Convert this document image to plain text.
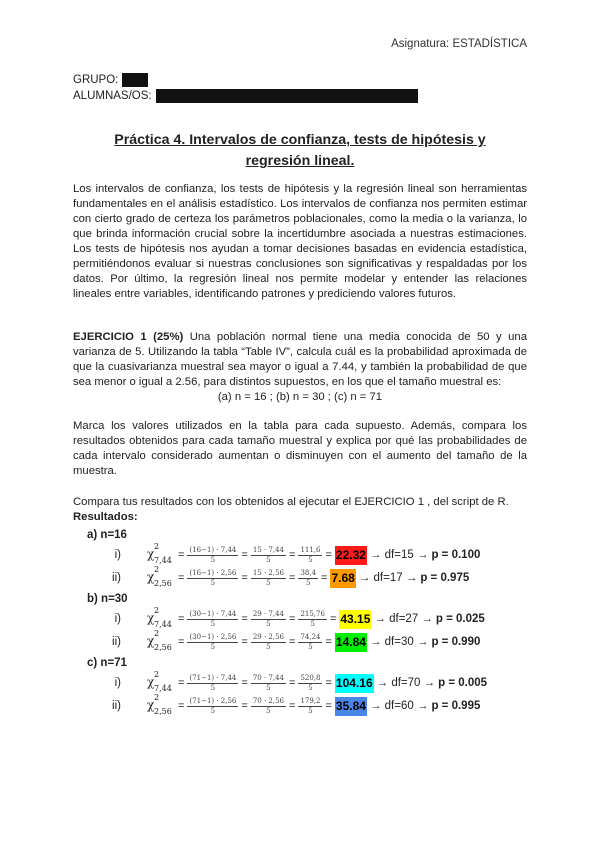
Asignatura: ESTADÍSTICA
GRUPO:
ALUMNAS/OS:
Práctica 4. Intervalos de confianza, tests de hipótesis y
regresión lineal.
Los intervalos de confianza, los tests de hipótesis y la regresión lineal son herramientas fundamentales en el análisis estadístico. Los intervalos de confianza nos permiten estimar con cierto grado de certeza los parámetros poblacionales, como la media o la varianza, lo que brinda información crucial sobre la incertidumbre asociada a nuestras estimaciones. Los tests de hipótesis nos ayudan a tomar decisiones basadas en evidencia estadística, permitiéndonos evaluar si nuestras conclusiones son significativas y respaldadas por los datos. Por último, la regresión lineal nos permite modelar y entender las relaciones lineales entre variables, identificando patrones y prediciendo valores futuros.
EJERCICIO 1 (25%) Una población normal tiene una media conocida de 50 y una varianza de 5. Utilizando la tabla “Table IV”, calcula cuál es la probabilidad aproximada de que la cuasivarianza muestral sea mayor o igual a 7.44, y también la probabilidad de que sea menor o igual a 2.56, para distintos supuestos, en los que el tamaño muestral es:
(a) n = 16 ; (b) n = 30 ; (c) n = 71
Marca los valores utilizados en la tabla para cada supuesto. Además, compara los resultados obtenidos para cada tamaño muestral y explica por qué las probabilidades de cada intervalo considerado aumentan o disminuyen con el aumento del tamaño de la muestra.
Compara tus resultados con los obtenidos al ejecutar el EJERCICIO 1 , del script de R.
Resultados:
a) n=16
i)	χ
2
$7,44 = \frac{(16-1) \cdot 7,44}{5} = \frac{15 \cdot 7,44}{5} = \frac{111,6}{5} = 22.32 \to df=15 \to p = 0.100$
ii)	χ
2
$2,56 = \frac{(16-1) \cdot 2,56}{5} = \frac{15 \cdot 2,56}{5} = \frac{38,4}{5} = 7.68 \to df=17 \to p = 0.975$
b) n=30
i)	χ
2
$7,44 = \frac{(30-1) \cdot 7,44}{5} = \frac{29 \cdot 7,44}{5} = \frac{215,76}{5} = 43.15 \to df=27 \to p = 0.025$
ii)	χ
2
$2,56 = \frac{(30-1) \cdot 2,56}{5} = \frac{29 \cdot 2,56}{5} = \frac{74,24}{5} = 14.84 \to df=30 \to p = 0.990$
c) n=71
i)	χ
2
$7,44 = \frac{(71-1) \cdot 7,44}{5} = \frac{70 \cdot 7,44}{5} = \frac{520,8}{5} = 104.16 \to df=70 \to p = 0.005$
ii)	χ
2
$2,56 = \frac{(71-1) \cdot 2,56}{5} = \frac{70 \cdot 2,56}{5} = \frac{179,2}{5} = 35.84 \to df=60 \to p = 0.995$
